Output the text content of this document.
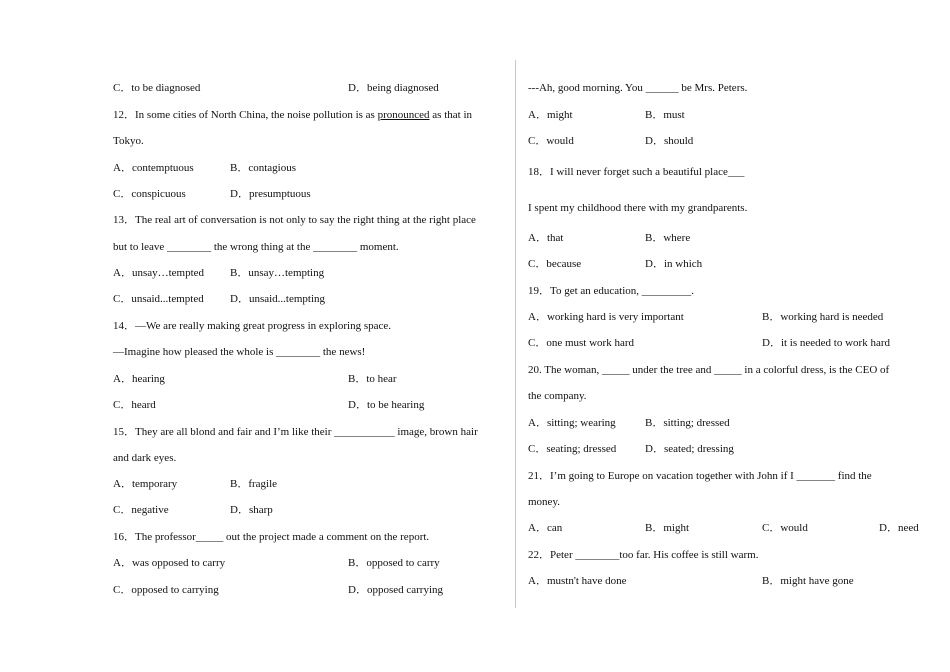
C．to be diagnosed	D．being diagnosed
12．In some cities of North China, the noise pollution is as pronounced as that in
Tokyo.
A．contemptuous	B．contagious
C．conspicuous	D．presumptuous
13．The real art of conversation is not only to say the right thing at the right place
but to leave ________ the wrong thing at the ________ moment.
A．unsay…tempted B．unsay…tempting
C．unsaid...tempted D．unsaid...tempting
14．—We are really making great progress in exploring space.
—Imagine how pleased the whole is ________ the news!
A．hearing	B．to hear
C．heard	D．to be hearing
15．They are all blond and fair and I’m like their ___________ image, brown hair
and dark eyes.
A．temporary	B．fragile
C．negative	D．sharp
16．The professor_____ out the project made a comment on the report.
A．was opposed to carry	B．opposed to carry
C．opposed to carrying	D．opposed carrying
---Ah, good morning. You ______ be Mrs. Peters.
A．might	B．must
C．would	D．should
18．I will never forget such a beautiful place___
I spent my childhood there with my grandparents.
A．that	B．where
C．because	D．in which
19．To get an education, _________.
A．working hard is very important	B．working hard is needed
C．one must work hard	D．it is needed to work hard
20. The woman, _____ under the tree and _____ in a colorful dress, is the CEO of
the company.
A．sitting; wearing	B．sitting; dressed
C．seating; dressed	D．seated; dressing
21．I’m going to Europe on vacation together with John if I _______ find the
money.
A．can	B．might	C．would	D．need
22．Peter ________too far. His coffee is still warm.
A．mustn't have done	B．might have gone
